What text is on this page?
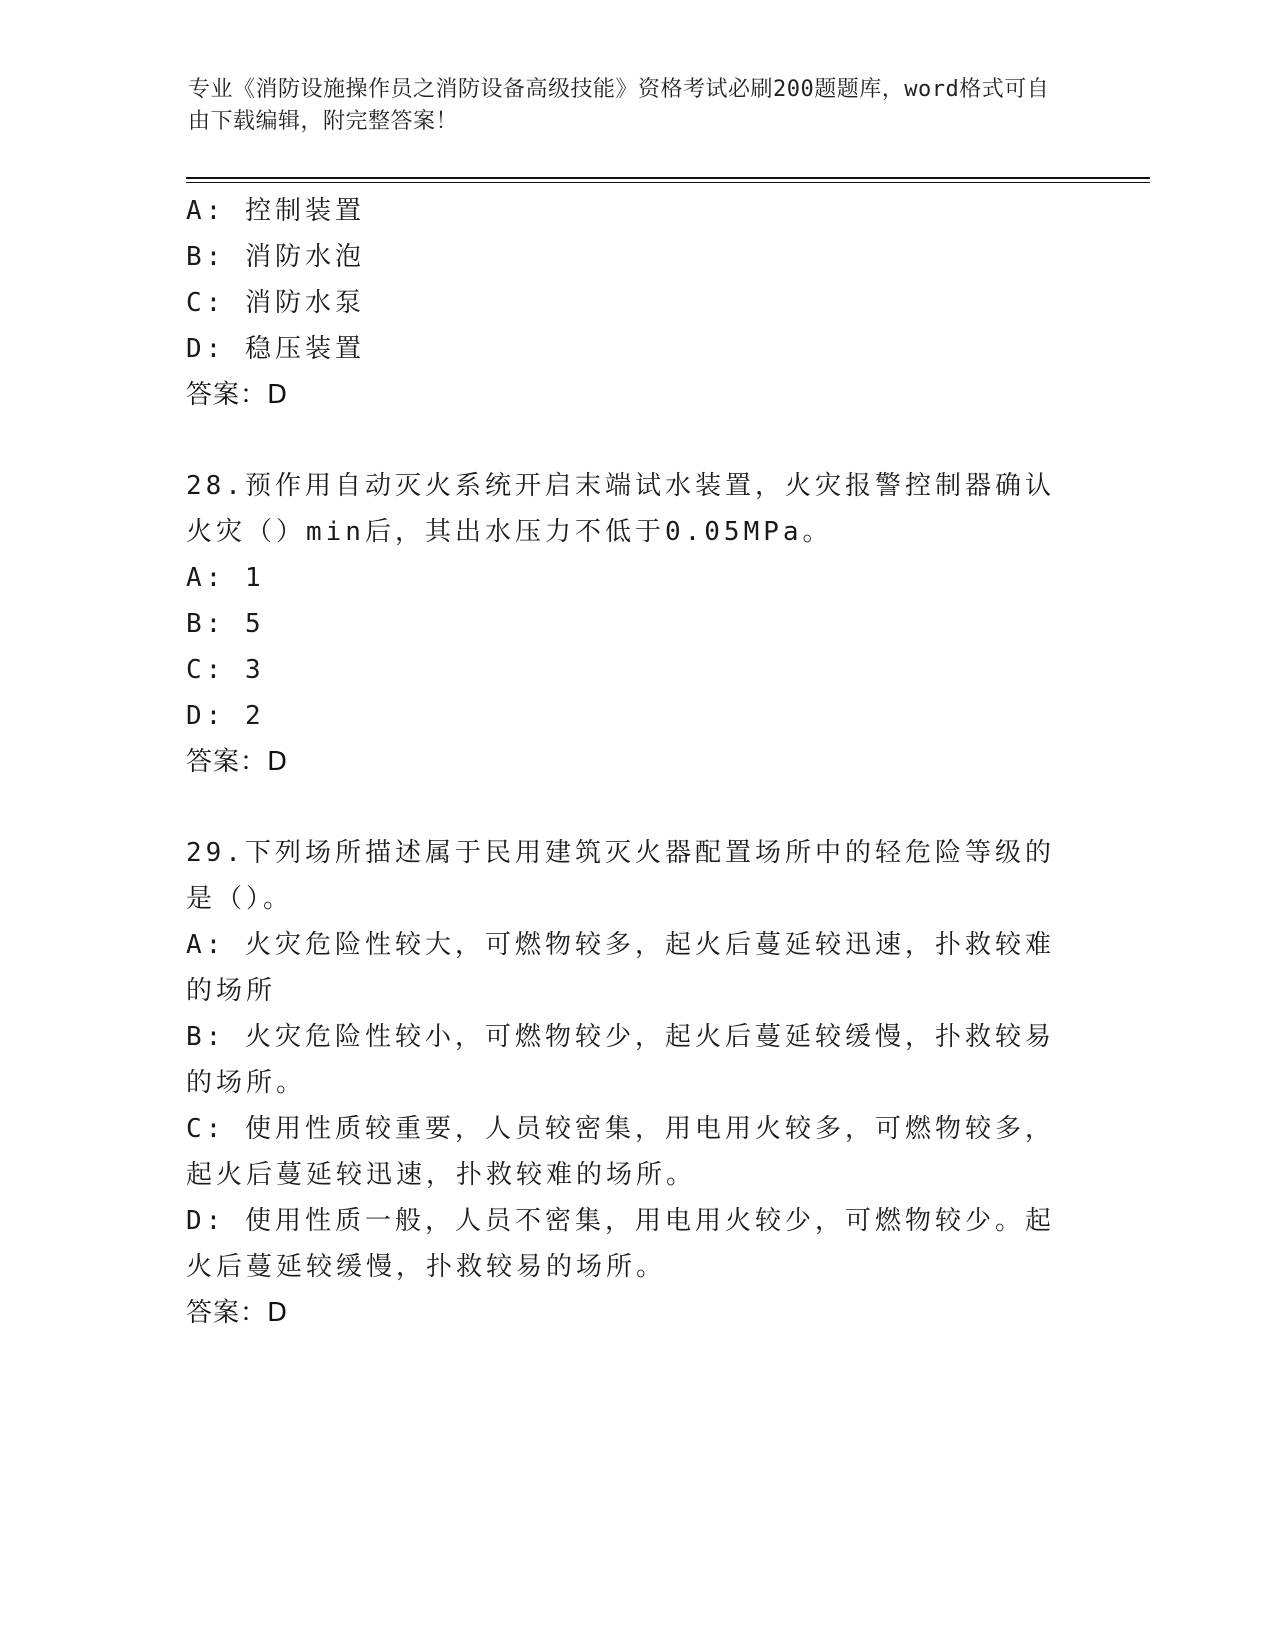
专业《消防设施操作员之消防设备高级技能》资格考试必刷200题题库，word格式可自由下载编辑，附完整答案！
A: 控制装置
B: 消防水泡
C: 消防水泵
D: 稳压装置
答案：D
28.预作用自动灭火系统开启末端试水装置，火灾报警控制器确认火灾（）min后，其出水压力不低于0.05MPa。
A: 1
B: 5
C: 3
D: 2
答案：D
29.下列场所描述属于民用建筑灭火器配置场所中的轻危险等级的是（）。
A: 火灾危险性较大，可燃物较多，起火后蔓延较迅速，扑救较难的场所
B: 火灾危险性较小，可燃物较少，起火后蔓延较缓慢，扑救较易的场所。
C: 使用性质较重要，人员较密集，用电用火较多，可燃物较多，起火后蔓延较迅速，扑救较难的场所。
D: 使用性质一般，人员不密集，用电用火较少，可燃物较少。起火后蔓延较缓慢，扑救较易的场所。
答案：D
